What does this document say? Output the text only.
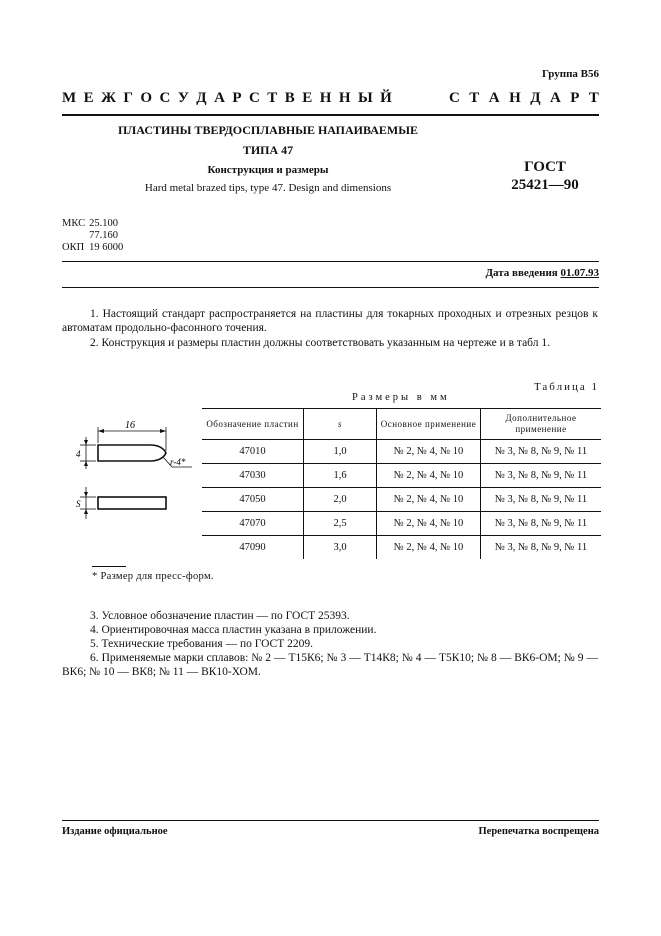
Группа В56
М Е Ж Г О С У Д А Р С Т В Е Н Н Ы Й	С Т А Н Д А Р Т
ПЛАСТИНЫ ТВЕРДОСПЛАВНЫЕ НАПАИВАЕМЫЕ
ТИПА 47
Конструкция и размеры
Hard metal brazed tips, type 47. Design and dimensions
ГОСТ
25421—90
МКС	25.100
	77.160
ОКП	19 6000
Дата введения 01.07.93
1. Настоящий стандарт распространяется на пластины для токарных проходных и отрезных резцов к автоматам продольно-фасонного точения.
2. Конструкция и размеры пластин должны соответствовать указанным на чертеже и в табл 1.
Таблица 1
Размеры в мм
16
4
r-4*
S
Обозначение пластин	s	Основное применение	Дополнительное применение
47010	1,0	№ 2, № 4, № 10	№ 3, № 8, № 9, № 11
47030	1,6	№ 2, № 4, № 10	№ 3, № 8, № 9, № 11
47050	2,0	№ 2, № 4, № 10	№ 3, № 8, № 9, № 11
47070	2,5	№ 2, № 4, № 10	№ 3, № 8, № 9, № 11
47090	3,0	№ 2, № 4, № 10	№ 3, № 8, № 9, № 11
* Размер для пресс-форм.
3. Условное обозначение пластин — по ГОСТ 25393.
4. Ориентировочная масса пластин указана в приложении.
5. Технические требования — по ГОСТ 2209.
6. Применяемые марки сплавов: № 2 — Т15К6; № 3 — Т14К8; № 4 — Т5К10; № 8 — ВК6-ОМ; № 9 — ВК6; № 10 — ВК8; № 11 — ВК10-ХОМ.
Издание официальное	Перепечатка воспрещена
